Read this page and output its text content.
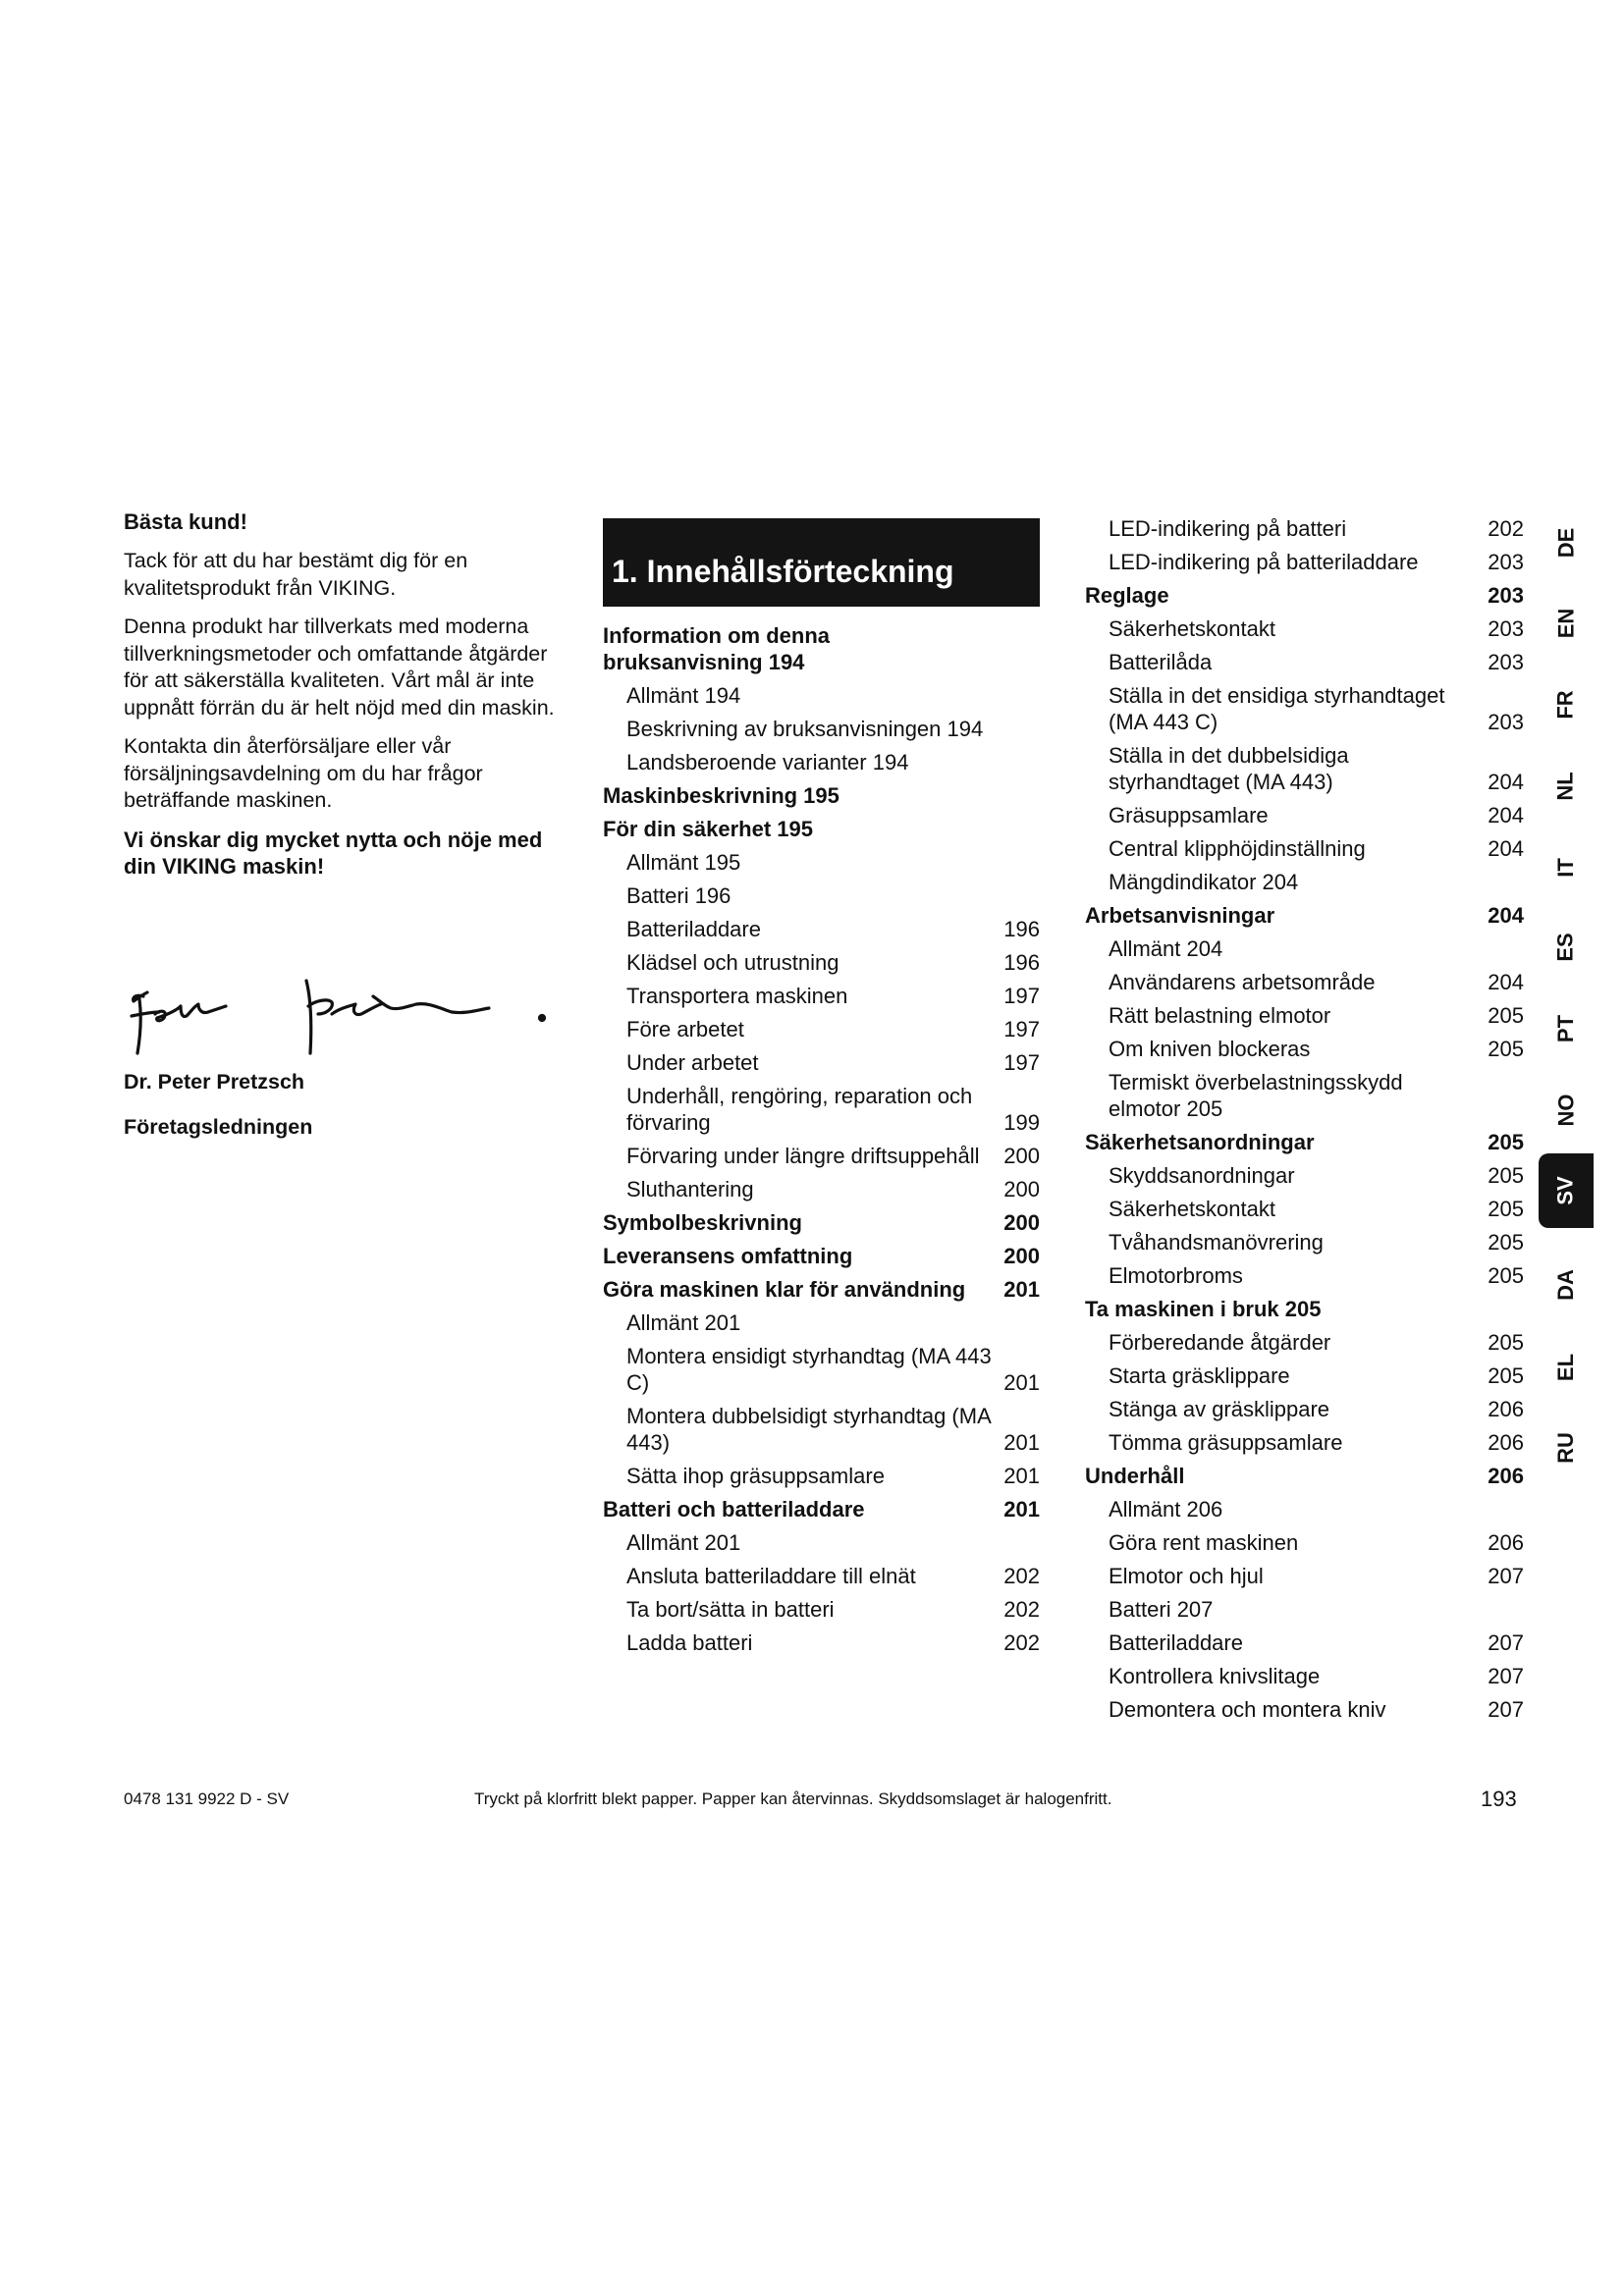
Bästa kund!

Tack för att du har bestämt dig för en kvalitetsprodukt från VIKING.

Denna produkt har tillverkats med moderna tillverkningsmetoder och omfattande åtgärder för att säkerställa kvaliteten. Vårt mål är inte uppnått förrän du är helt nöjd med din maskin.

Kontakta din återförsäljare eller vår försäljningsavdelning om du har frågor beträffande maskinen.

Vi önskar dig mycket nytta och nöje med din VIKING maskin!

Dr. Peter Pretzsch
Företagsledningen
1. Innehållsförteckning
Information om denna bruksanvisning 194
Allmänt 194
Beskrivning av bruksanvisningen 194
Landsberoende varianter 194
Maskinbeskrivning 195
För din säkerhet 195
Allmänt 195
Batteri 196
Batteriladdare	196
Klädsel och utrustning	196
Transportera maskinen	197
Före arbetet	197
Under arbetet	197
Underhåll, rengöring, reparation och förvaring	199
Förvaring under längre driftsuppehåll	200
Sluthantering	200
Symbolbeskrivning	200
Leveransens omfattning	200
Göra maskinen klar för användning	201
Allmänt 201
Montera ensidigt styrhandtag (MA 443 C)	201
Montera dubbelsidigt styrhandtag (MA 443)	201
Sätta ihop gräsuppsamlare	201
Batteri och batteriladdare	201
Allmänt 201
Ansluta batteriladdare till elnät	202
Ta bort/sätta in batteri	202
Ladda batteri	202
LED-indikering på batteri	202
LED-indikering på batteriladdare	203
Reglage	203
Säkerhetskontakt	203
Batterilåda	203
Ställa in det ensidiga styrhandtaget (MA 443 C)	203
Ställa in det dubbelsidiga styrhandtaget (MA 443)	204
Gräsuppsamlare	204
Central klipphöjdinställning	204
Mängdindikator 204
Arbetsanvisningar	204
Allmänt 204
Användarens arbetsområde	204
Rätt belastning elmotor	205
Om kniven blockeras	205
Termiskt överbelastningsskydd elmotor 205
Säkerhetsanordningar	205
Skyddsanordningar	205
Säkerhetskontakt	205
Tvåhandsmanövrering	205
Elmotorbroms	205
Ta maskinen i bruk 205
Förberedande åtgärder	205
Starta gräsklippare	205
Stänga av gräsklippare	206
Tömma gräsuppsamlare	206
Underhåll	206
Allmänt 206
Göra rent maskinen	206
Elmotor och hjul	207
Batteri 207
Batteriladdare	207
Kontrollera knivslitage	207
Demontera och montera kniv	207
DE
EN
FR
NL
IT
ES
PT
NO
SV
DA
EL
RU
0478 131 9922 D - SV	Tryckt på klorfritt blekt papper. Papper kan återvinnas. Skyddsomslaget är halogenfritt.	193
